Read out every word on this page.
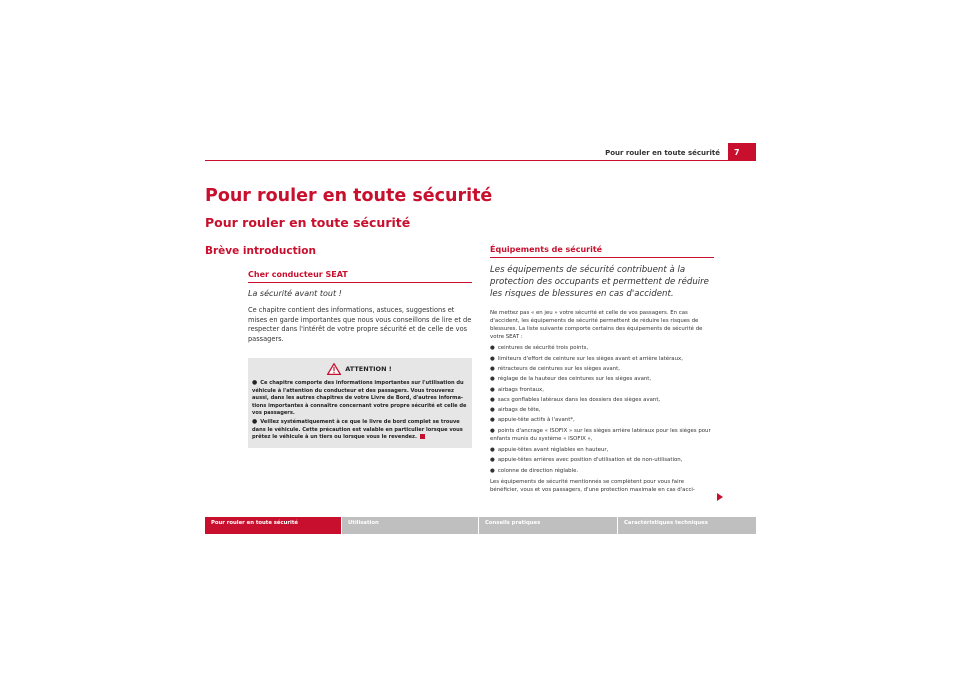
Pour rouler en toute sécurité	7
Pour rouler en toute sécurité
Pour rouler en toute sécurité
Brève introduction
Cher conducteur SEAT
La sécurité avant tout !
Ce chapitre contient des informations, astuces, suggestions et mises en garde importantes que nous vous conseillons de lire et de respecter dans l'intérêt de votre propre sécurité et de celle de vos passagers.
ATTENTION !
● Ce chapitre comporte des informations importantes sur l'utilisation du véhicule à l'attention du conducteur et des passagers. Vous trouverez aussi, dans les autres chapitres de votre Livre de Bord, d'autres informa-tions importantes à connaître concernant votre propre sécurité et celle de vos passagers.
● Veillez systématiquement à ce que le livre de bord complet se trouve dans le véhicule. Cette précaution est valable en particulier lorsque vous prêtez le véhicule à un tiers ou lorsque vous le revendez.
Équipements de sécurité
Les équipements de sécurité contribuent à la protection des occupants et permettent de réduire les risques de blessures en cas d'accident.
Ne mettez pas « en jeu » votre sécurité et celle de vos passagers. En cas d'accident, les équipements de sécurité permettent de réduire les risques de blessures. La liste suivante comporte certains des équipements de sécurité de votre SEAT :
● ceintures de sécurité trois points,
● limiteurs d'effort de ceinture sur les sièges avant et arrière latéraux,
● rétracteurs de ceintures sur les sièges avant,
● réglage de la hauteur des ceintures sur les sièges avant,
● airbags frontaux,
● sacs gonflables latéraux dans les dossiers des sièges avant,
● airbags de tête,
● appuie-tête actifs à l'avant*,
● points d'ancrage « ISOFIX » sur les sièges arrière latéraux pour les sièges pour enfants munis du système « ISOFIX »,
● appuie-têtes avant réglables en hauteur,
● appuie-têtes arrières avec position d'utilisation et de non-utilisation,
● colonne de direction réglable.
Les équipements de sécurité mentionnés se complètent pour vous faire bénéficier, vous et vos passagers, d'une protection maximale en cas d'acci-
Pour rouler en toute sécurité	Utilisation	Conseils pratiques	Caractéristiques techniques
